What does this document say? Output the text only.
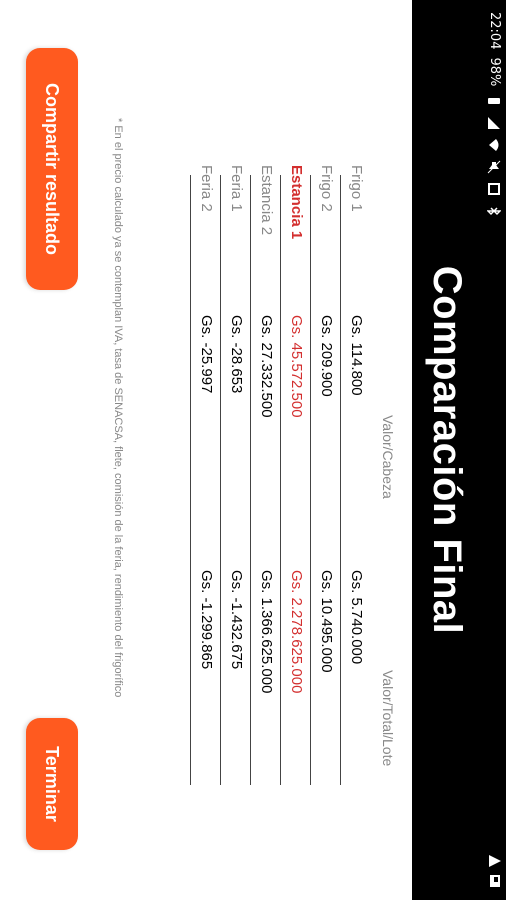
22:04
98%
Comparación Final
Valor/Cabeza
Valor/Total/Lote
Frigo 1
Gs. 114.800
Gs. 5.740.000
Frigo 2
Gs. 209.900
Gs. 10.495.000
Estancia 1
Gs. 45.572.500
Gs. 2.278.625.000
Estancia 2
Gs. 27.332.500
Gs. 1.366.625.000
Feria 1
Gs. -28.653
Gs. -1.432.675
Feria 2
Gs. -25.997
Gs. -1.299.865
* En el precio calculado ya se contemplan IVA, tasa de SENACSA, flete, comisión de la feria, rendimiento del frigorífico
Compartir resultado
Terminar
